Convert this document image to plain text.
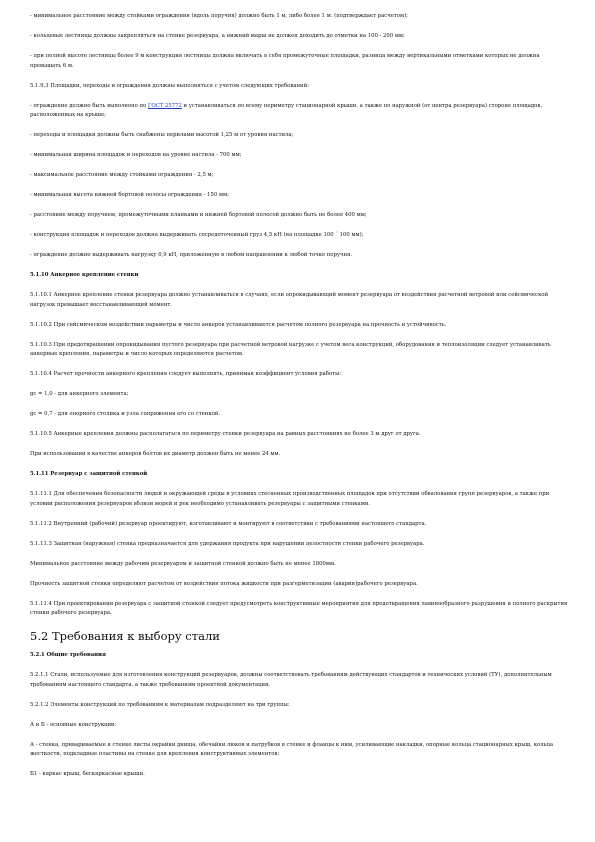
- минимальное расстояние между стойками ограждения (вдоль поручня) должно быть 1 м, либо более 1 м: (подтверждает расчетом);

- кольцевые лестницы должны закрепляться на стенке резервуара, а нижний марш не должен доходить до отметки на 100 - 200 мм;

- при полной высоте лестницы более 9 м конструкция лестницы должна включать в себя промежуточные площадки, разница между вертикальными отметками которых не должна превышать 6 м.

5.1.9.3 Площадки, переходы и ограждения должны выполняться с учетом следующих требований:

- ограждение должно быть выполнено по ГОСТ 25772 и устанавливаться по всему периметру стационарной крыши, а также по наружной (от центра резервуара) стороне площадок, расположенных на крыше;

- переходы и площадки должны быть снабжены перилами высотой 1,25 м от уровня настила;

- минимальная ширина площадок и переходов на уровне настила - 700 мм;

- максимальное расстояние между стойками ограждения - 2,5 м;

- минимальная высота нижней бортовой полосы ограждения - 150 мм;

- расстояние между поручнем, промежуточными планками и нижней бортовой полосой должно быть не более 400 мм;

- конструкция площадок и переходов должна выдерживать сосредоточенный груз 4,5 кН (на площадке 100 ´ 100 мм);

- ограждение должно выдерживать нагрузку 0,9 кН, приложенную в любом направлении к любой точке поручня.

5.1.10 Анкерное крепление стенки

5.1.10.1 Анкерное крепление стенки резервуара должно устанавливаться в случаях, если опрокидывающий момент резервуара от воздействия расчетной ветровой или сейсмической нагрузок превышает восстанавливающий момент.

5.1.10.2 При сейсмическом воздействии параметры и число анкеров устанавливаются расчетом полного резервуара на прочность и устойчивость.

5.1.10.3 При предотвращении опрокидывания пустого резервуара при расчетной ветровой нагрузке с учетом веса конструкций, оборудования и теплоизоляции следует устанавливать анкерные крепления, параметры и число которых определяются расчетом.

5.1.10.4 Расчет прочности анкерного крепления следует выполнять, принимая коэффициент условия работы:

gc = 1,0 - для анкерного элемента;

gc = 0,7 - для опорного столика и узла сопряжения его со стенкой.

5.1.10.5 Анкерные крепления должны располагаться по периметру стенки резервуара на равных расстояниях не более 3 м друг от друга.

При использовании в качестве анкеров болтов их диаметр должен быть не менее 24 мм.

5.1.11 Резервуар с защитной стенкой

5.1.11.1 Для обеспечения безопасности людей и окружающей среды в условиях стесненных производственных площадок при отсутствии обвалования групп резервуаров, а также при условии расположения резервуаров вблизи морей и рек необходимо устанавливать резервуары с защитными стенками.

5.1.11.2 Внутренний (рабочий) резервуар проектируют, изготавливают и монтируют в соответствии с требованиями настоящего стандарта.

5.1.11.3 Защитная (наружная) стенка предназначается для удержания продукта при нарушении целостности стенки рабочего резервуара.

Минимальное расстояние между рабочим резервуаром и защитной стенкой должно быть не менее 1800мм.

Прочность защитной стенки определяют расчетом от воздействия потока жидкости при разгерметизации (аварии)рабочего резервуара.

5.1.11.4 При проектировании резервуара с защитной стенкой следует предусмотреть конструктивные мероприятия для предотвращения лавинообразного разрушения и полного раскрытия стенки рабочего резервуара.

5.2 Требования к выбору стали

5.2.1 Общие требования

5.2.1.1 Стали, используемые для изготовления конструкций резервуаров, должны соответствовать требованиям действующих стандартов и технических условий (ТУ), дополнительным требованиям настоящего стандарта, а также требованиям проектной документации.

5.2.1.2 Элементы конструкций по требованиям к материалам подразделяют на три группы:

А и Б - основные конструкции:

А - стенка, привариваемые к стенке листы окрайки днища, обечайки люков и патрубков в стенке и фланцы к ним, усиливающие накладки, опорные кольца стационарных крыш, кольца жесткости, подкладные пластины на стенке для крепления конструктивных элементов;

Б1 - каркас крыш, бескаркасные крыши.
